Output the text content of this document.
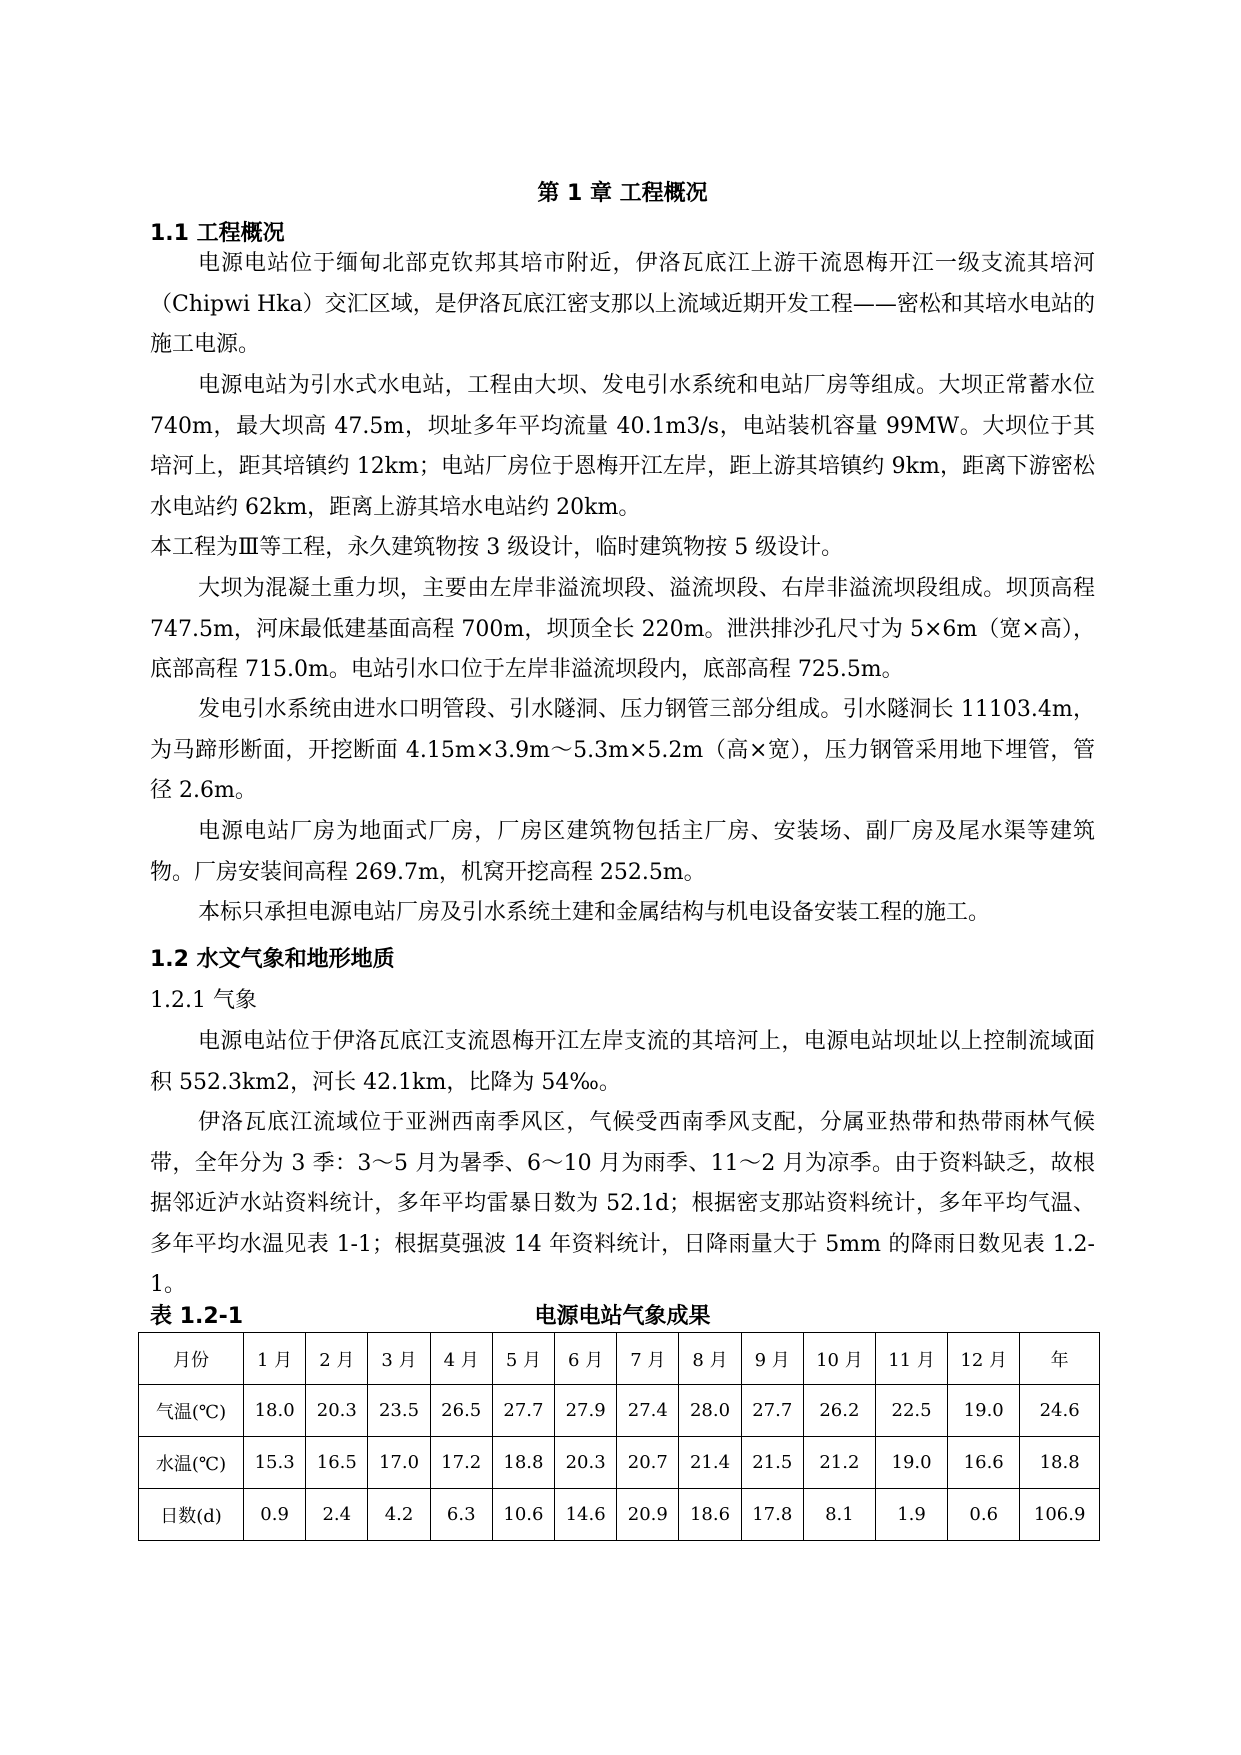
第 1 章 工程概况
1.1 工程概况

电源电站位于缅甸北部克钦邦其培市附近，伊洛瓦底江上游干流恩梅开江一级支流其培河（Chipwi Hka）交汇区域，是伊洛瓦底江密支那以上流域近期开发工程——密松和其培水电站的施工电源。

电源电站为引水式水电站，工程由大坝、发电引水系统和电站厂房等组成。大坝正常蓄水位 740m，最大坝高 47.5m，坝址多年平均流量 40.1m3/s，电站装机容量 99MW。大坝位于其培河上，距其培镇约 12km；电站厂房位于恩梅开江左岸，距上游其培镇约 9km，距离下游密松水电站约 62km，距离上游其培水电站约 20km。

本工程为Ⅲ等工程，永久建筑物按 3 级设计，临时建筑物按 5 级设计。

大坝为混凝土重力坝，主要由左岸非溢流坝段、溢流坝段、右岸非溢流坝段组成。坝顶高程 747.5m，河床最低建基面高程 700m，坝顶全长 220m。泄洪排沙孔尺寸为 5×6m（宽×高），底部高程 715.0m。电站引水口位于左岸非溢流坝段内，底部高程 725.5m。

发电引水系统由进水口明管段、引水隧洞、压力钢管三部分组成。引水隧洞长 11103.4m，为马蹄形断面，开挖断面 4.15m×3.9m～5.3m×5.2m（高×宽），压力钢管采用地下埋管，管径 2.6m。

电源电站厂房为地面式厂房，厂房区建筑物包括主厂房、安装场、副厂房及尾水渠等建筑物。厂房安装间高程 269.7m，机窝开挖高程 252.5m。

本标只承担电源电站厂房及引水系统土建和金属结构与机电设备安装工程的施工。

1.2 水文气象和地形地质
1.2.1 气象

电源电站位于伊洛瓦底江支流恩梅开江左岸支流的其培河上，电源电站坝址以上控制流域面积 552.3km2，河长 42.1km，比降为 54‰。

伊洛瓦底江流域位于亚洲西南季风区，气候受西南季风支配，分属亚热带和热带雨林气候带，全年分为 3 季：3～5 月为暑季、6～10 月为雨季、11～2 月为凉季。由于资料缺乏，故根据邻近泸水站资料统计，多年平均雷暴日数为 52.1d；根据密支那站资料统计，多年平均气温、多年平均水温见表 1-1；根据莫强波 14 年资料统计，日降雨量大于 5mm 的降雨日数见表 1.2-1。

表 1.2-1	电源电站气象成果
月份	1 月	2 月	3 月	4 月	5 月	6 月	7 月	8 月	9 月	10 月	11 月	12 月	年
气温(℃)	18.0	20.3	23.5	26.5	27.7	27.9	27.4	28.0	27.7	26.2	22.5	19.0	24.6
水温(℃)	15.3	16.5	17.0	17.2	18.8	20.3	20.7	21.4	21.5	21.2	19.0	16.6	18.8
日数(d)	0.9	2.4	4.2	6.3	10.6	14.6	20.9	18.6	17.8	8.1	1.9	0.6	106.9
